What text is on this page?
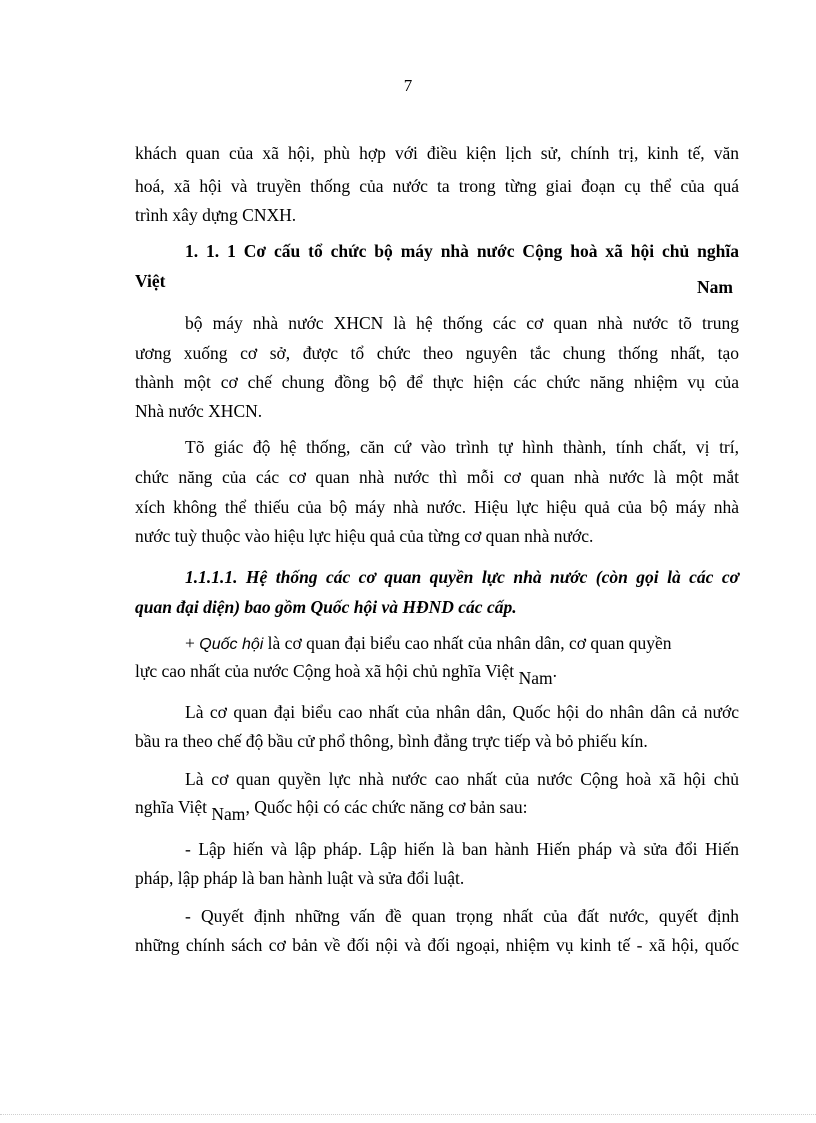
7
khách quan của xã hội, phù hợp với điều kiện lịch sử, chính trị, kinh tế, văn
hoá, xã hội và truyền thống của nước ta trong từng giai đoạn cụ thể của quá
trình xây dựng CNXH.
1. 1. 1 Cơ cấu tổ chức bộ máy nhà nước Cộng hoà xã hội chủ nghĩa
Việt	Nam
bộ máy nhà nước XHCN là hệ thống các cơ quan nhà nước tõ trung
ương xuống cơ sở, được tổ chức theo nguyên tắc chung thống nhất, tạo
thành một cơ chế chung đồng bộ để thực hiện các chức năng nhiệm vụ của
Nhà nước XHCN.
Tõ giác độ hệ thống, căn cứ vào trình tự hình thành, tính chất, vị trí,
chức năng của các cơ quan nhà nước thì mỗi cơ quan nhà nước là một mắt
xích không thể thiếu của bộ máy nhà nước. Hiệu lực hiệu quả của bộ máy nhà
nước tuỳ thuộc vào hiệu lực hiệu quả của từng cơ quan nhà nước.
1.1.1.1. Hệ thống các cơ quan quyền lực nhà nước (còn gọi là các cơ
quan đại diện) bao gồm Quốc hội và HĐND các cấp.
+ Quốc hội là cơ quan đại biểu cao nhất của nhân dân, cơ quan quyền
lực cao nhất của nước Cộng hoà xã hội chủ nghĩa Việt Nam.
Là cơ quan đại biểu cao nhất của nhân dân, Quốc hội do nhân dân cả nước
bầu ra theo chế độ bầu cử phổ thông, bình đẳng trực tiếp và bỏ phiếu kín.
Là cơ quan quyền lực nhà nước cao nhất của nước Cộng hoà xã hội chủ
nghĩa Việt Nam, Quốc hội có các chức năng cơ bản sau:
- Lập hiến và lập pháp. Lập hiến là ban hành Hiến pháp và sửa đổi Hiến
pháp, lập pháp là ban hành luật và sửa đổi luật.
- Quyết định những vấn đề quan trọng nhất của đất nước, quyết định
những chính sách cơ bản về đối nội và đối ngoại, nhiệm vụ kinh tế - xã hội, quốc
